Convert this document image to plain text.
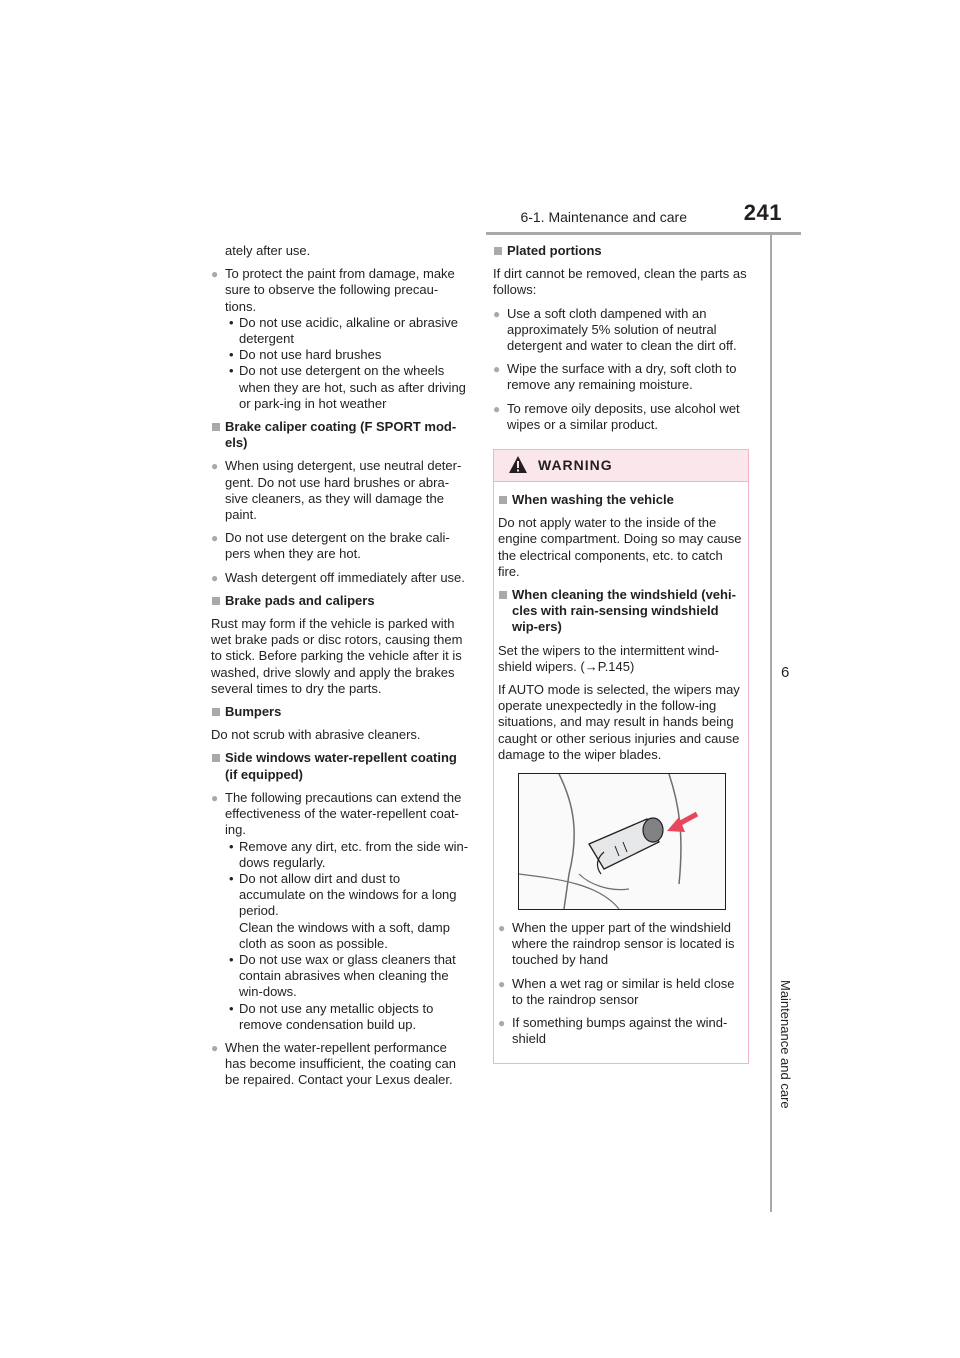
6-1. Maintenance and care	241
6
Maintenance and care

ately after use.

● To protect the paint from damage, make sure to observe the following precau-tions.
• Do not use acidic, alkaline or abrasive detergent
• Do not use hard brushes
• Do not use detergent on the wheels when they are hot, such as after driving or park-ing in hot weather

Brake caliper coating (F SPORT mod-els)

● When using detergent, use neutral deter-gent. Do not use hard brushes or abra-sive cleaners, as they will damage the paint.

● Do not use detergent on the brake cali-pers when they are hot.

● Wash detergent off immediately after use.

Brake pads and calipers

Rust may form if the vehicle is parked with wet brake pads or disc rotors, causing them to stick. Before parking the vehicle after it is washed, drive slowly and apply the brakes several times to dry the parts.

Bumpers

Do not scrub with abrasive cleaners.

Side windows water-repellent coating (if equipped)

● The following precautions can extend the effectiveness of the water-repellent coat-ing.
• Remove any dirt, etc. from the side win-dows regularly.
• Do not allow dirt and dust to accumulate on the windows for a long period.
Clean the windows with a soft, damp cloth as soon as possible.
• Do not use wax or glass cleaners that contain abrasives when cleaning the win-dows.
• Do not use any metallic objects to remove condensation build up.

● When the water-repellent performance has become insufficient, the coating can be repaired. Contact your Lexus dealer.

Plated portions

If dirt cannot be removed, clean the parts as follows:

● Use a soft cloth dampened with an approximately 5% solution of neutral detergent and water to clean the dirt off.

● Wipe the surface with a dry, soft cloth to remove any remaining moisture.

● To remove oily deposits, use alcohol wet wipes or a similar product.

WARNING

When washing the vehicle

Do not apply water to the inside of the engine compartment. Doing so may cause the electrical components, etc. to catch fire.

When cleaning the windshield (vehi-cles with rain-sensing windshield wip-ers)

Set the wipers to the intermittent wind-shield wipers. (→P.145)

If AUTO mode is selected, the wipers may operate unexpectedly in the follow-ing situations, and may result in hands being caught or other serious injuries and cause damage to the wiper blades.

● When the upper part of the windshield where the raindrop sensor is located is touched by hand

● When a wet rag or similar is held close to the raindrop sensor

● If something bumps against the wind-shield
